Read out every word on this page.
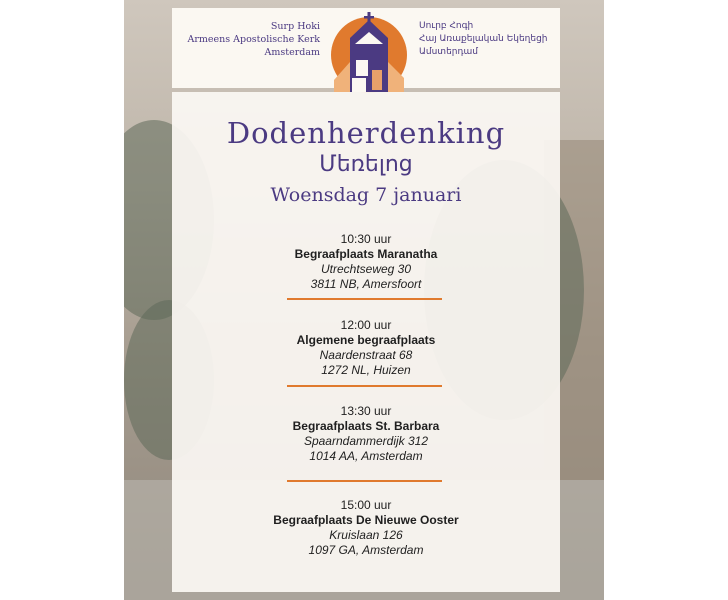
Surp Hoki
Armeens Apostolische Kerk
Amsterdam
Սուրբ Հոգի
Հայ Առաքելական Եկեղեցի
Ամստերդամ
Dodenherdenking
Մեռելոց
Woensdag 7 januari
10:30 uur
Begraafplaats Maranatha
Utrechtseweg 30
3811 NB, Amersfoort
12:00 uur
Algemene begraafplaats
Naardenstraat 68
1272 NL, Huizen
13:30 uur
Begraafplaats St. Barbara
Spaarndammerdijk 312
1014 AA, Amsterdam
15:00 uur
Begraafplaats De Nieuwe Ooster
Kruislaan 126
1097 GA, Amsterdam
